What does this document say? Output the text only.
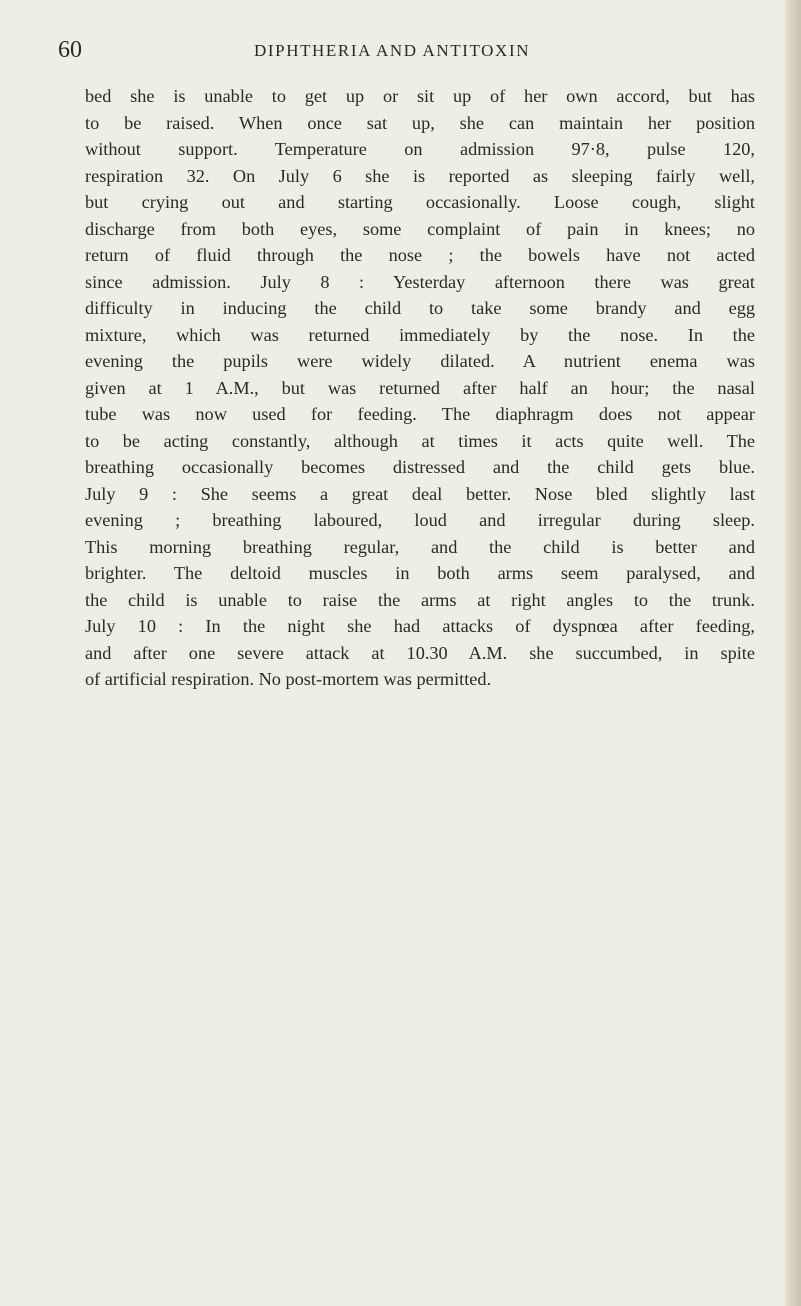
60	DIPHTHERIA AND ANTITOXIN
bed she is unable to get up or sit up of her own accord, but has
to be raised. When once sat up, she can maintain her position
without support. Temperature on admission 97·8, pulse 120,
respiration 32. On July 6 she is reported as sleeping fairly well,
but crying out and starting occasionally. Loose cough, slight
discharge from both eyes, some complaint of pain in knees; no
return of fluid through the nose ; the bowels have not acted
since admission. July 8 : Yesterday afternoon there was great
difficulty in inducing the child to take some brandy and egg
mixture, which was returned immediately by the nose. In the
evening the pupils were widely dilated. A nutrient enema was
given at 1 A.M., but was returned after half an hour; the nasal
tube was now used for feeding. The diaphragm does not appear
to be acting constantly, although at times it acts quite well. The
breathing occasionally becomes distressed and the child gets blue.
July 9 : She seems a great deal better. Nose bled slightly last
evening ; breathing laboured, loud and irregular during sleep.
This morning breathing regular, and the child is better and
brighter. The deltoid muscles in both arms seem paralysed, and
the child is unable to raise the arms at right angles to the trunk.
July 10 : In the night she had attacks of dyspnœa after feeding,
and after one severe attack at 10.30 A.M. she succumbed, in spite
of artificial respiration. No post-mortem was permitted.
